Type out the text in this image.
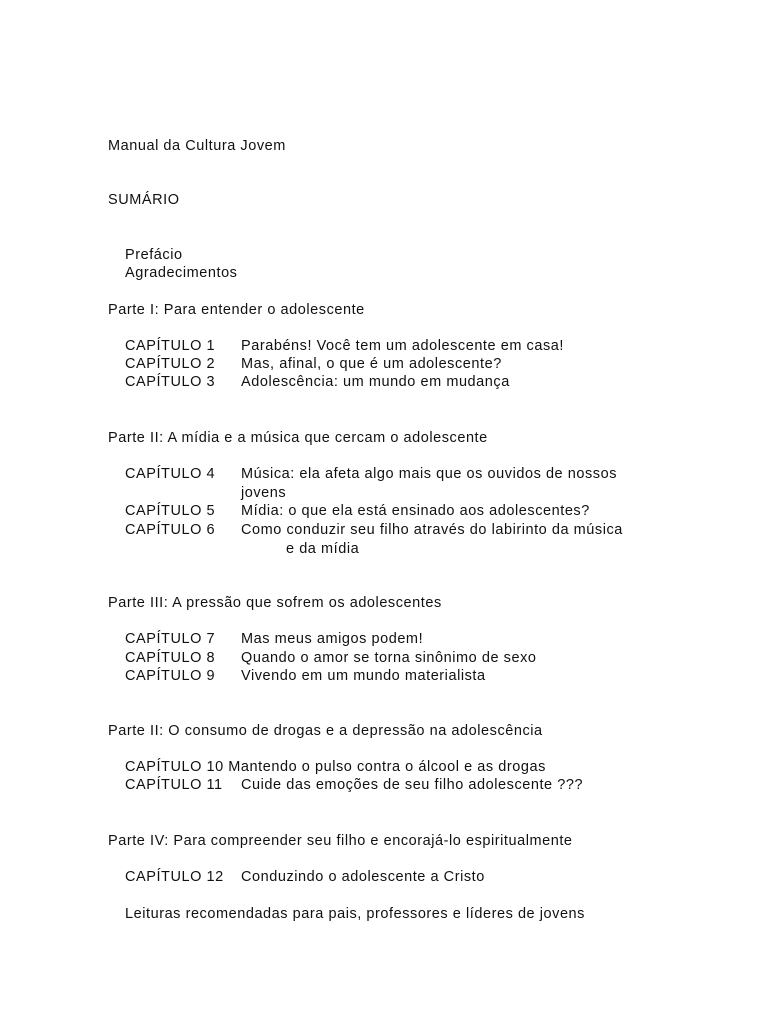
Manual da Cultura Jovem
SUMÁRIO
Prefácio
Agradecimentos
Parte I: Para entender o adolescente
CAPÍTULO 1 Parabéns! Você tem um adolescente em casa!
CAPÍTULO 2 Mas, afinal, o que é um adolescente?
CAPÍTULO 3 Adolescência: um mundo em mudança
Parte II: A mídia e a música que cercam o adolescente
CAPÍTULO 4 Música: ela afeta algo mais que os ouvidos de nossos
jovens
CAPÍTULO 5 Mídia: o que ela está ensinado aos adolescentes?
CAPÍTULO 6 Como conduzir seu filho através do labirinto da música
e da mídia
Parte III: A pressão que sofrem os adolescentes
CAPÍTULO 7 Mas meus amigos podem!
CAPÍTULO 8 Quando o amor se torna sinônimo de sexo
CAPÍTULO 9 Vivendo em um mundo materialista
Parte II: O consumo de drogas e a depressão na adolescência
CAPÍTULO 10 Mantendo o pulso contra o álcool e as drogas
CAPÍTULO 11 Cuide das emoções de seu filho adolescente ???
Parte IV: Para compreender seu filho e encorajá-lo espiritualmente
CAPÍTULO 12 Conduzindo o adolescente a Cristo
Leituras recomendadas para pais, professores e líderes de jovens
